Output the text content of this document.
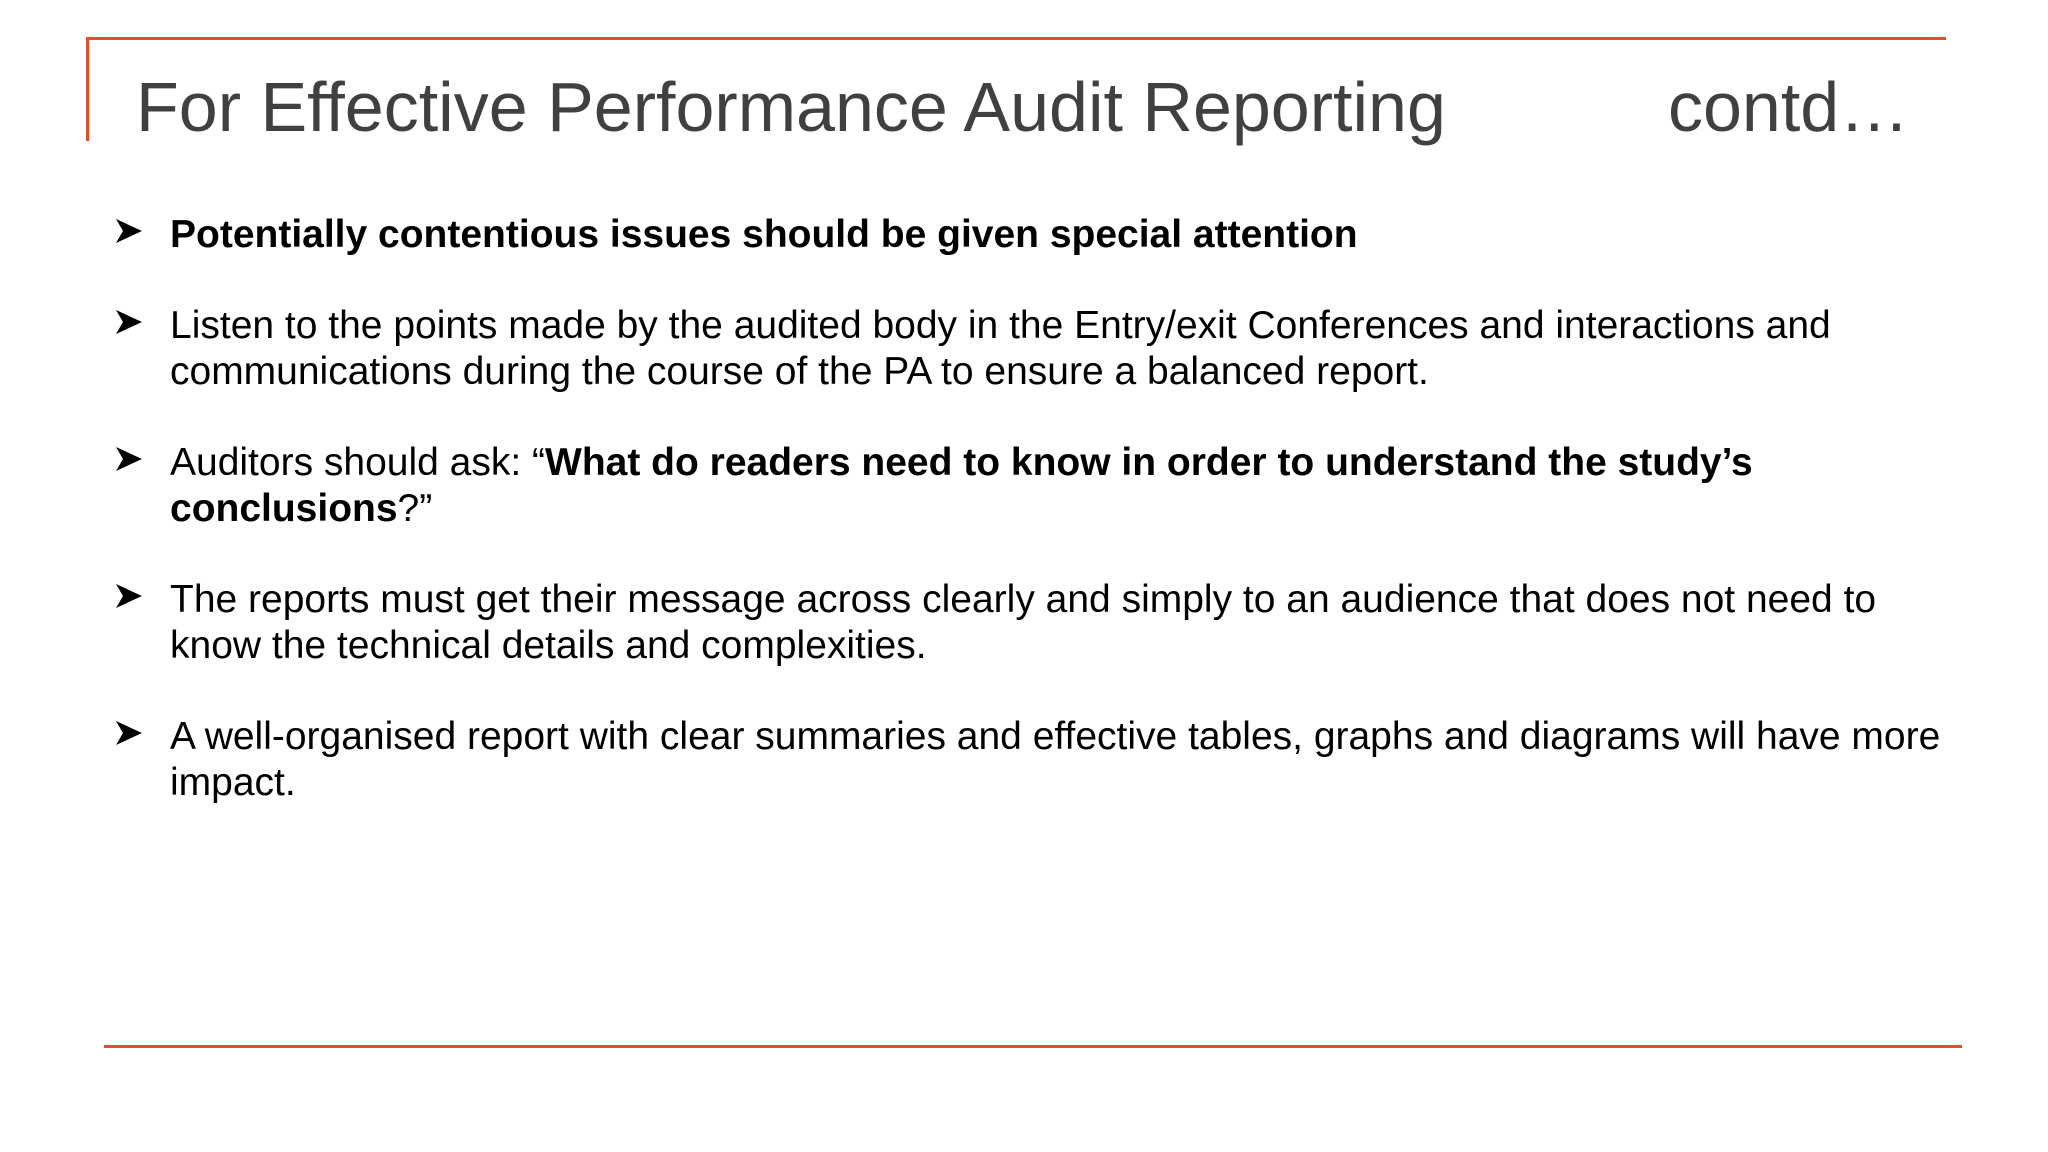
For Effective Performance Audit Reporting	contd…
Potentially contentious issues should be given special attention
Listen to the points made by the audited body in the Entry/exit Conferences and interactions and communications during the course of the PA to ensure a balanced report.
Auditors should ask: “What do readers need to know in order to understand the study’s conclusions?”
The reports must get their message across clearly and simply to an audience that does not need to know the technical details and complexities.
A well-organised report with clear summaries and effective tables, graphs and diagrams will have more impact.
